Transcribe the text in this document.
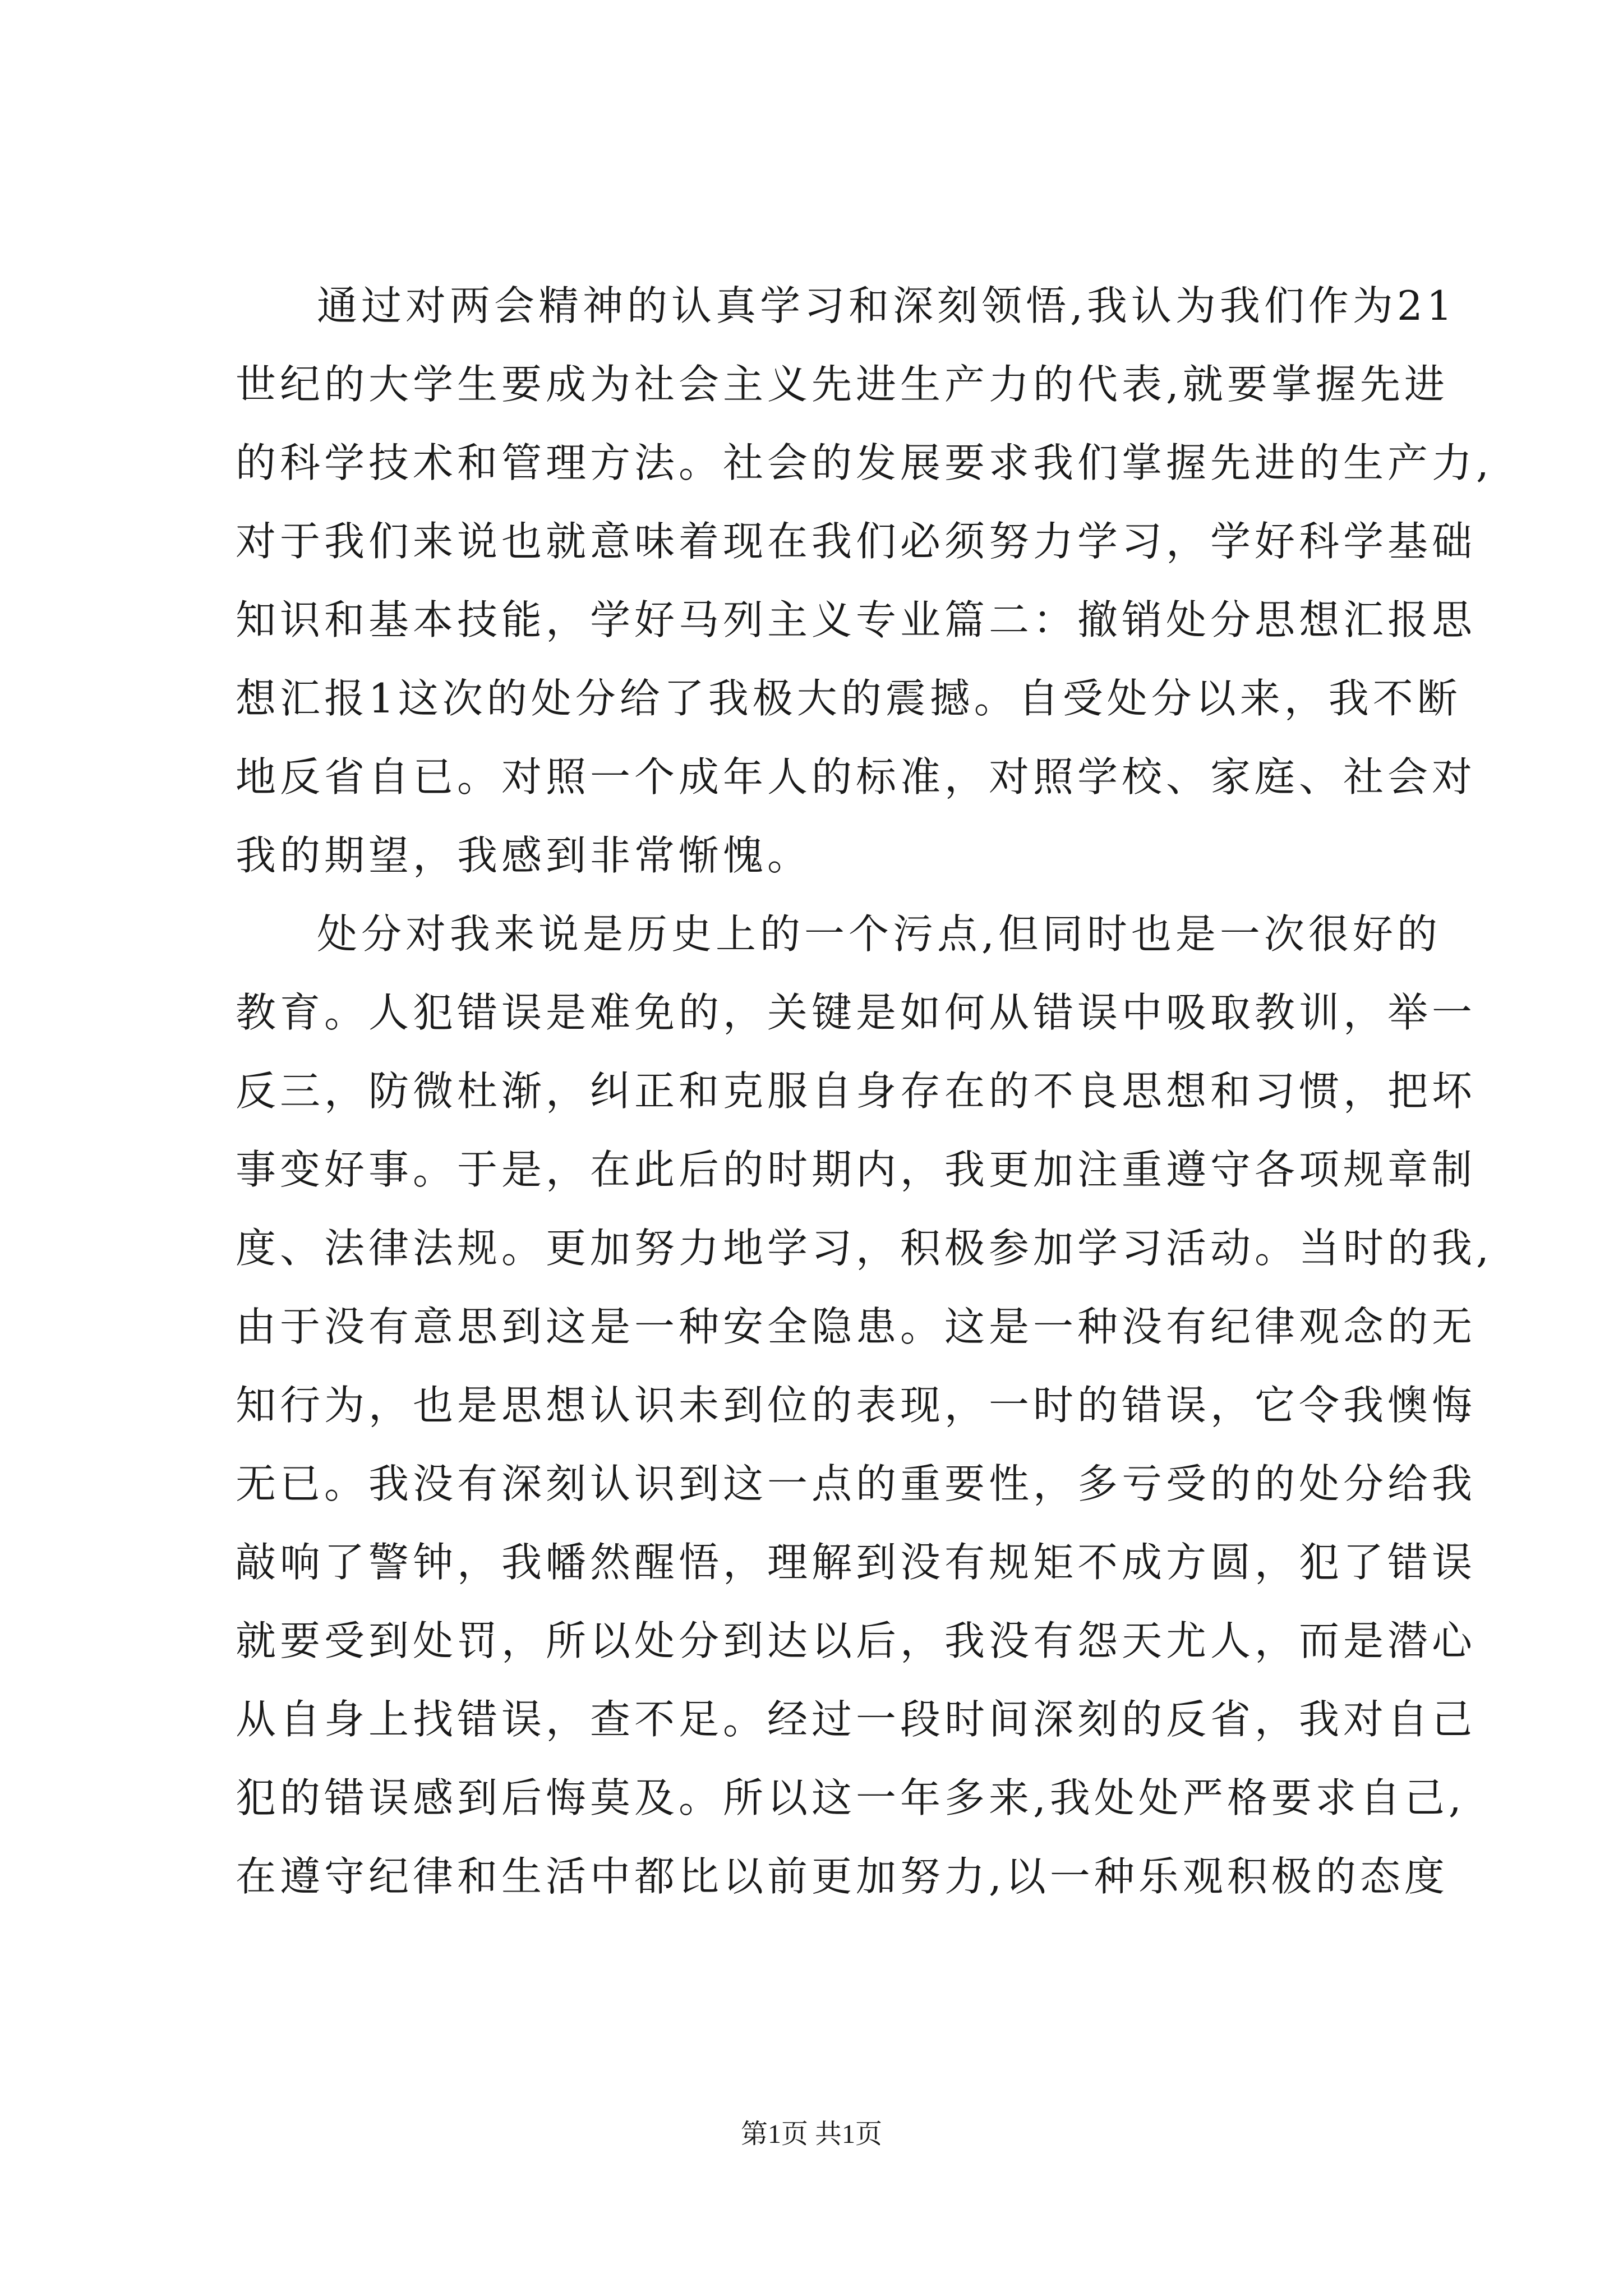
通过对两会精神的认真学习和深刻领悟,我认为我们作为21
世纪的大学生要成为社会主义先进生产力的代表,就要掌握先进
的科学技术和管理方法。社会的发展要求我们掌握先进的生产力,
对于我们来说也就意味着现在我们必须努力学习，学好科学基础
知识和基本技能，学好马列主义专业篇二：撤销处分思想汇报思
想汇报1这次的处分给了我极大的震撼。自受处分以来，我不断
地反省自已。对照一个成年人的标准，对照学校、家庭、社会对
我的期望，我感到非常惭愧。
处分对我来说是历史上的一个污点,但同时也是一次很好的
教育。人犯错误是难免的，关键是如何从错误中吸取教训，举一
反三，防微杜渐，纠正和克服自身存在的不良思想和习惯，把坏
事变好事。于是，在此后的时期内，我更加注重遵守各项规章制
度、法律法规。更加努力地学习，积极参加学习活动。当时的我,
由于没有意思到这是一种安全隐患。这是一种没有纪律观念的无
知行为，也是思想认识未到位的表现，一时的错误，它令我懊悔
无已。我没有深刻认识到这一点的重要性，多亏受的的处分给我
敲响了警钟，我幡然醒悟，理解到没有规矩不成方圆，犯了错误
就要受到处罚，所以处分到达以后，我没有怨天尤人，而是潜心
从自身上找错误，查不足。经过一段时间深刻的反省，我对自己
犯的错误感到后悔莫及。所以这一年多来,我处处严格要求自己,
在遵守纪律和生活中都比以前更加努力,以一种乐观积极的态度
第1页 共1页
